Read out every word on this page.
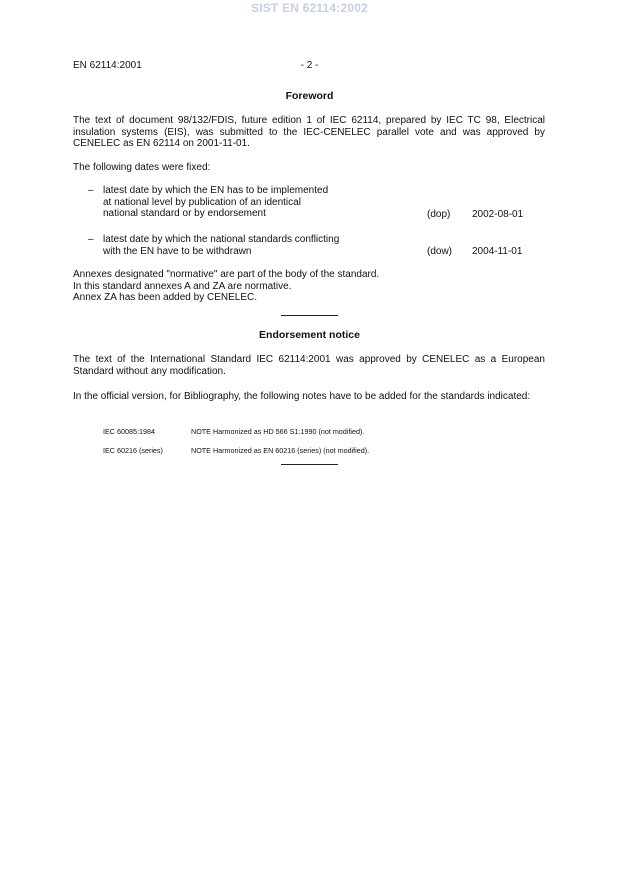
SIST EN 62114:2002
EN 62114:2001	- 2 -
Foreword
The text of document 98/132/FDIS, future edition 1 of IEC 62114, prepared by IEC TC 98, Electrical insulation systems (EIS), was submitted to the IEC-CENELEC parallel vote and was approved by CENELEC as EN 62114 on 2001-11-01.
The following dates were fixed:
– latest date by which the EN has to be implemented
at national level by publication of an identical
national standard or by endorsement	(dop) 2002-08-01
– latest date by which the national standards conflicting
with the EN have to be withdrawn	(dow) 2004-11-01
Annexes designated "normative" are part of the body of the standard.
In this standard annexes A and ZA are normative.
Annex ZA has been added by CENELEC.
Endorsement notice
The text of the International Standard IEC 62114:2001 was approved by CENELEC as a European Standard without any modification.
In the official version, for Bibliography, the following notes have to be added for the standards indicated:
IEC 60085:1984	NOTE Harmonized as HD 566 S1:1990 (not modified).
IEC 60216 (series)	NOTE Harmonized as EN 60216 (series) (not modified).
